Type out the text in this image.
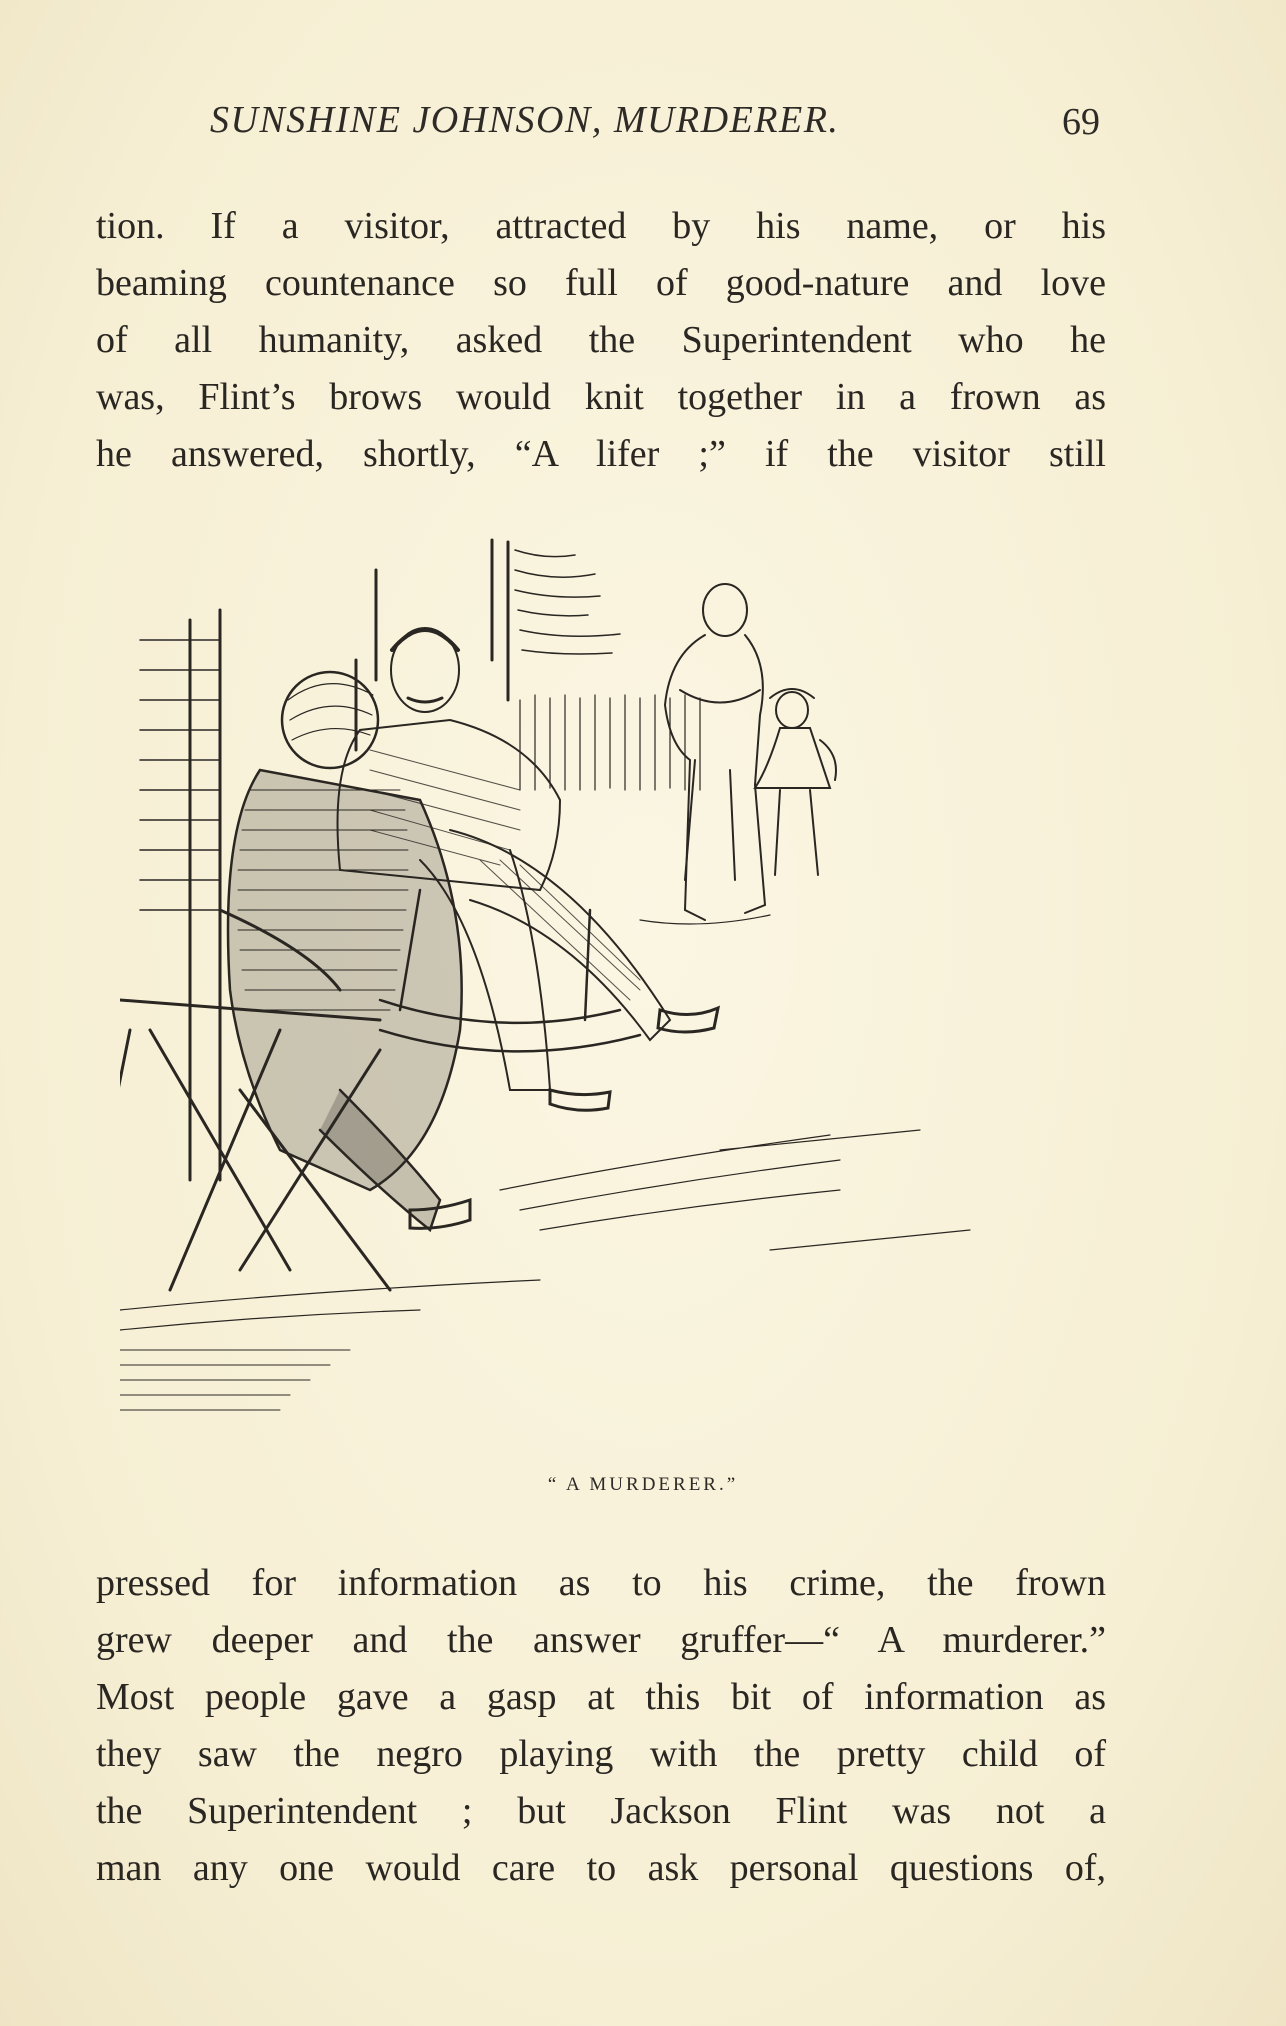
SUNSHINE JOHNSON, MURDERER.	69
tion. If a visitor, attracted by his name, or his
beaming countenance so full of good-nature and love
of all humanity, asked the Superintendent who he
was, Flint’s brows would knit together in a frown as
he answered, shortly, “A lifer ;” if the visitor still
“ A MURDERER.”
pressed for information as to his crime, the frown
grew deeper and the answer gruffer—“ A murderer.”
Most people gave a gasp at this bit of information as
they saw the negro playing with the pretty child of
the Superintendent ; but Jackson Flint was not a
man any one would care to ask personal questions of,
